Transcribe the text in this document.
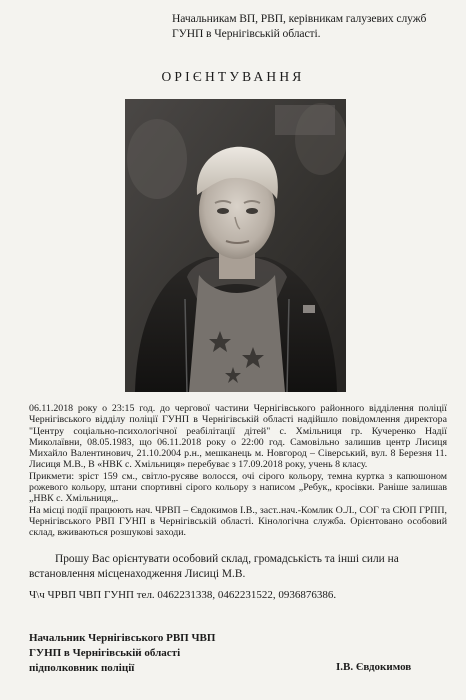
Начальникам ВП, РВП, керівникам галузевих служб
ГУНП в Чернігівській області.
ОРІЄНТУВАННЯ

06.11.2018 року о 23:15 год. до чергової частини Чернігівського районного відділення поліції Чернігівського відділу поліції ГУНП в Чернігівській області надійшло повідомлення директора "Центру соціально-психологічної реабілітації дітей" с. Хмільниця гр. Кучеренко Надії Миколаївни, 08.05.1983, що 06.11.2018 року о 22:00 год. Самовільно залишив центр Лисиця Михайло Валентинович, 21.10.2004 р.н., мешканець м. Новгород – Сіверський, вул. 8 Березня 11. Лисиця М.В., В «НВК с. Хмільниця» перебуває з 17.09.2018 року, учень 8 класу.

Прикмети: зріст 159 см., світло-русяве волосся, очі сірого кольору, темна куртка з капюшоном рожевого кольору, штани спортивні сірого кольору з написом „Ребук„ кросівки. Раніше залишав „НВК с. Хмільниця„.

На місці події працюють нач. ЧРВП – Євдокимов І.В., заст..нач.-Комлик О.Л., СОГ та СЮП ГРПП, Чернігівського РВП ГУНП в Чернігівській області. Кінологічна служба. Орієнтовано особовий склад, вживаються розшукові заходи.

Прошу Вас орієнтувати особовий склад, громадськість та інші сили на
встановлення місценаходження Лисиці М.В.
Ч\ч ЧРВП ЧВП ГУНП тел. 0462231338, 0462231522, 0936876386.
Начальник Чернігівського РВП ЧВП
ГУНП в Чернігівській області
підполковник поліції	І.В. Євдокимов
